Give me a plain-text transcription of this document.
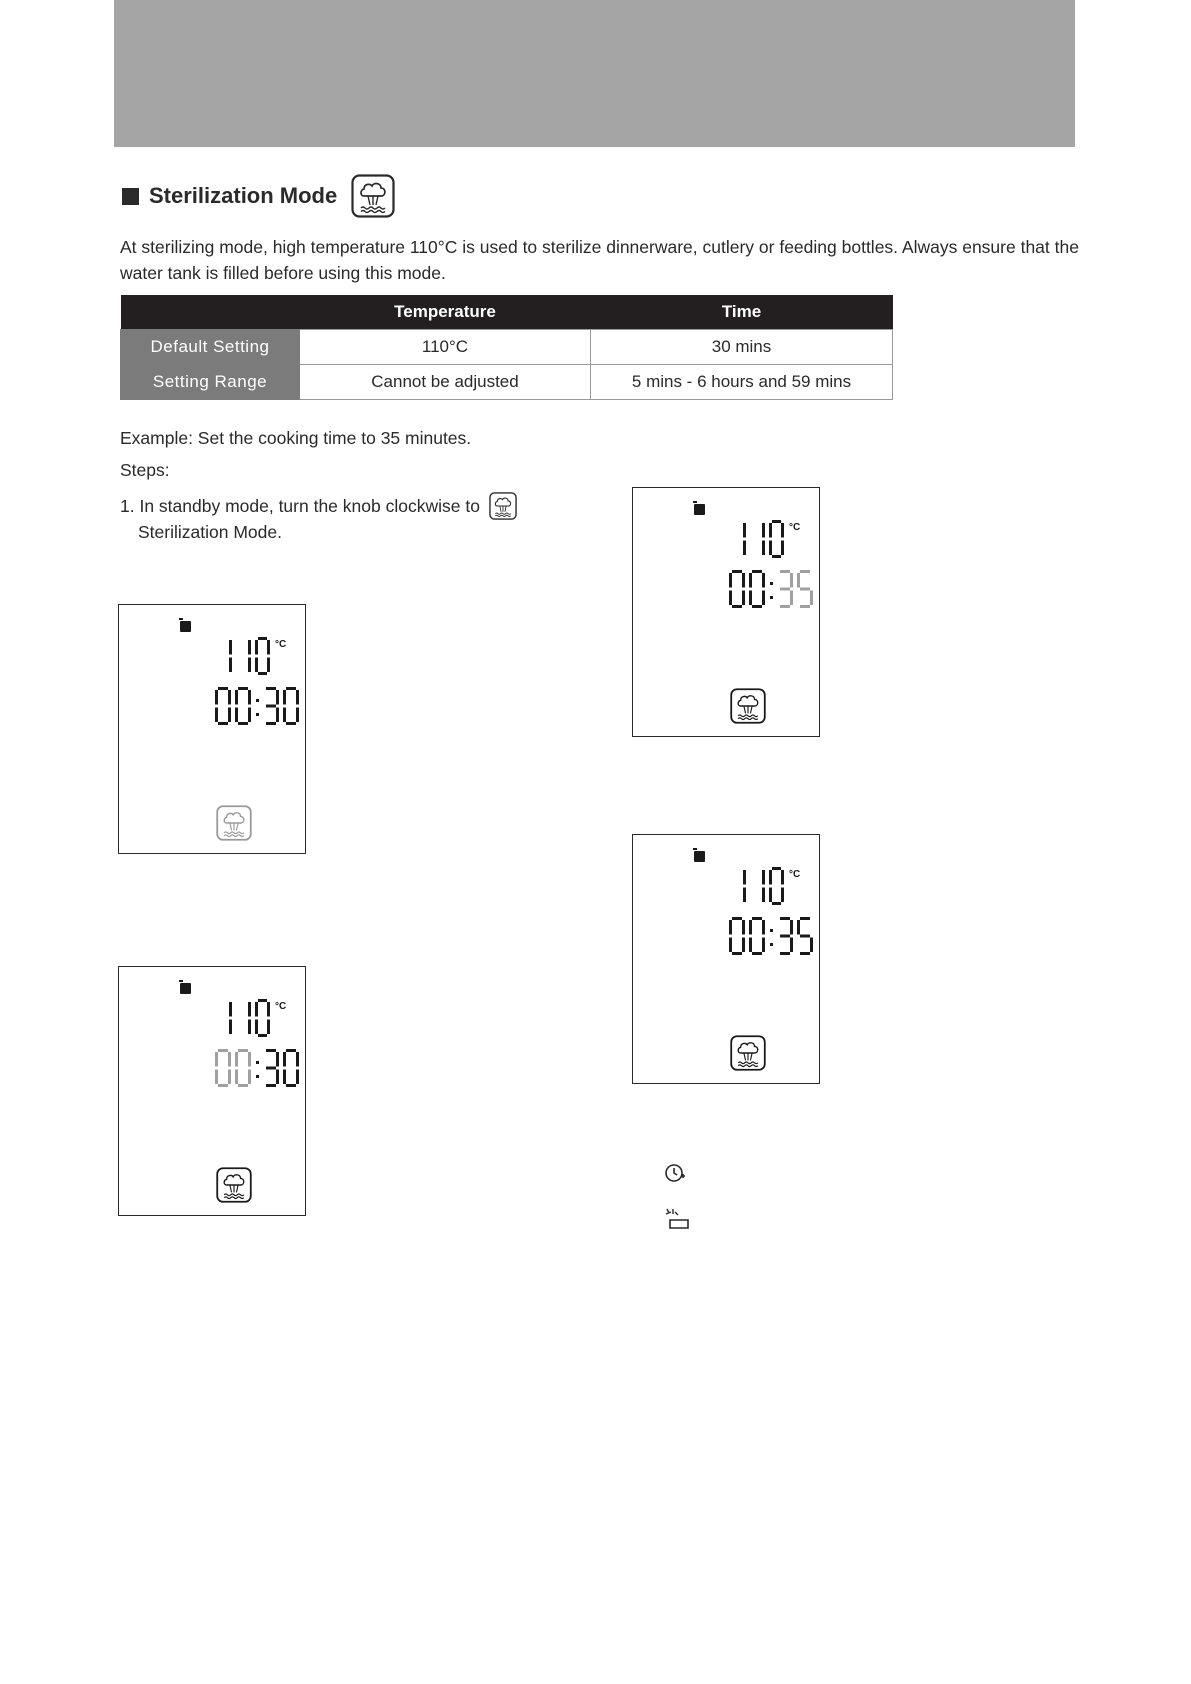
Sterilization Mode

At sterilizing mode, high temperature 110°C is used to sterilize dinnerware, cutlery or feeding bottles. Always ensure that the water tank is filled before using this mode.

	Temperature	Time
Default Setting	110°C	30 mins
Setting Range	Cannot be adjusted	5 mins - 6 hours and 59 mins

Example: Set the cooking time to 35 minutes.

Steps:

1. In standby mode, turn the knob clockwise to
Sterilization Mode.
°C
°C
°C
°C
